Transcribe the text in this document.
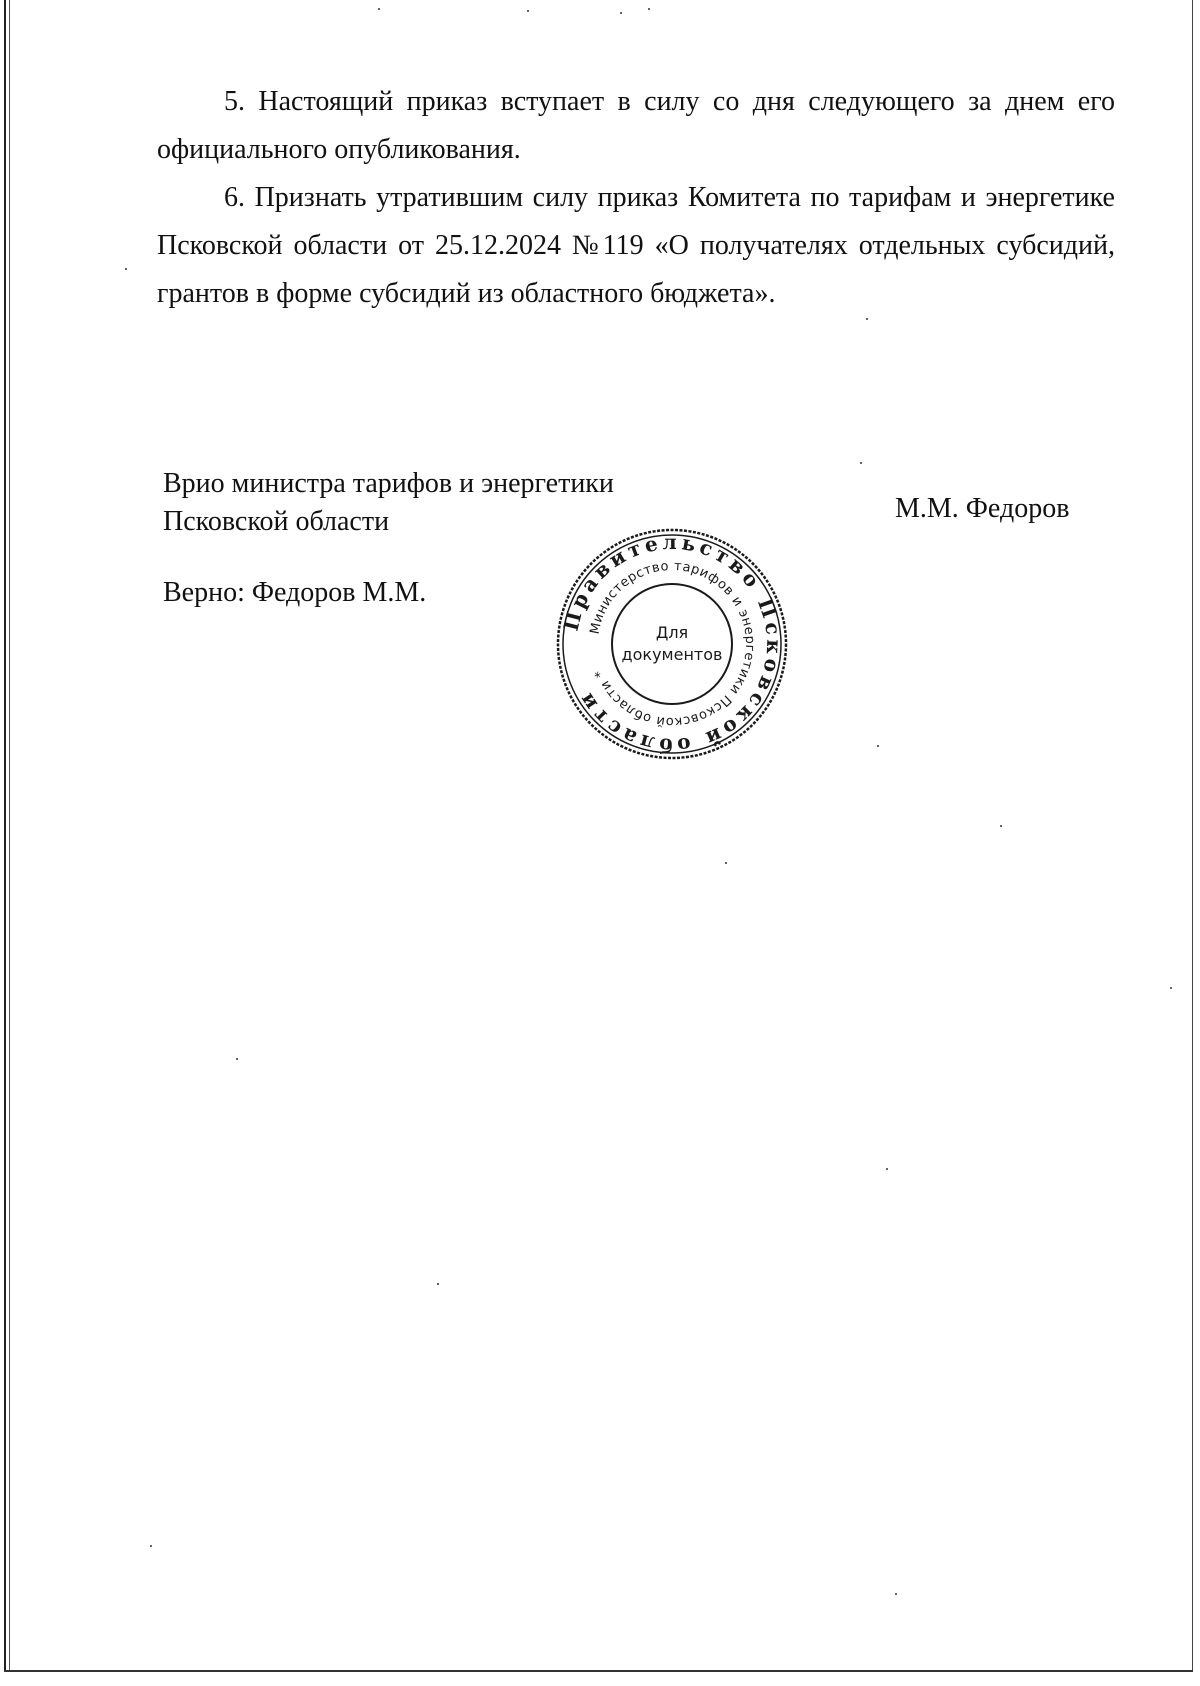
5. Настоящий приказ вступает в силу со дня следующего за днем его официального опубликования.

6. Признать утратившим силу приказ Комитета по тарифам и энергетике Псковской области от 25.12.2024 №119 «О получателях отдельных субсидий, грантов в форме субсидий из областного бюджета».

Врио министра тарифов и энергетики
Псковской области	М.М. Федоров
Верно: Федоров М.М.
Правительство Псковской области
Министерство тарифов и энергетики Псковской области *
Для
документов
